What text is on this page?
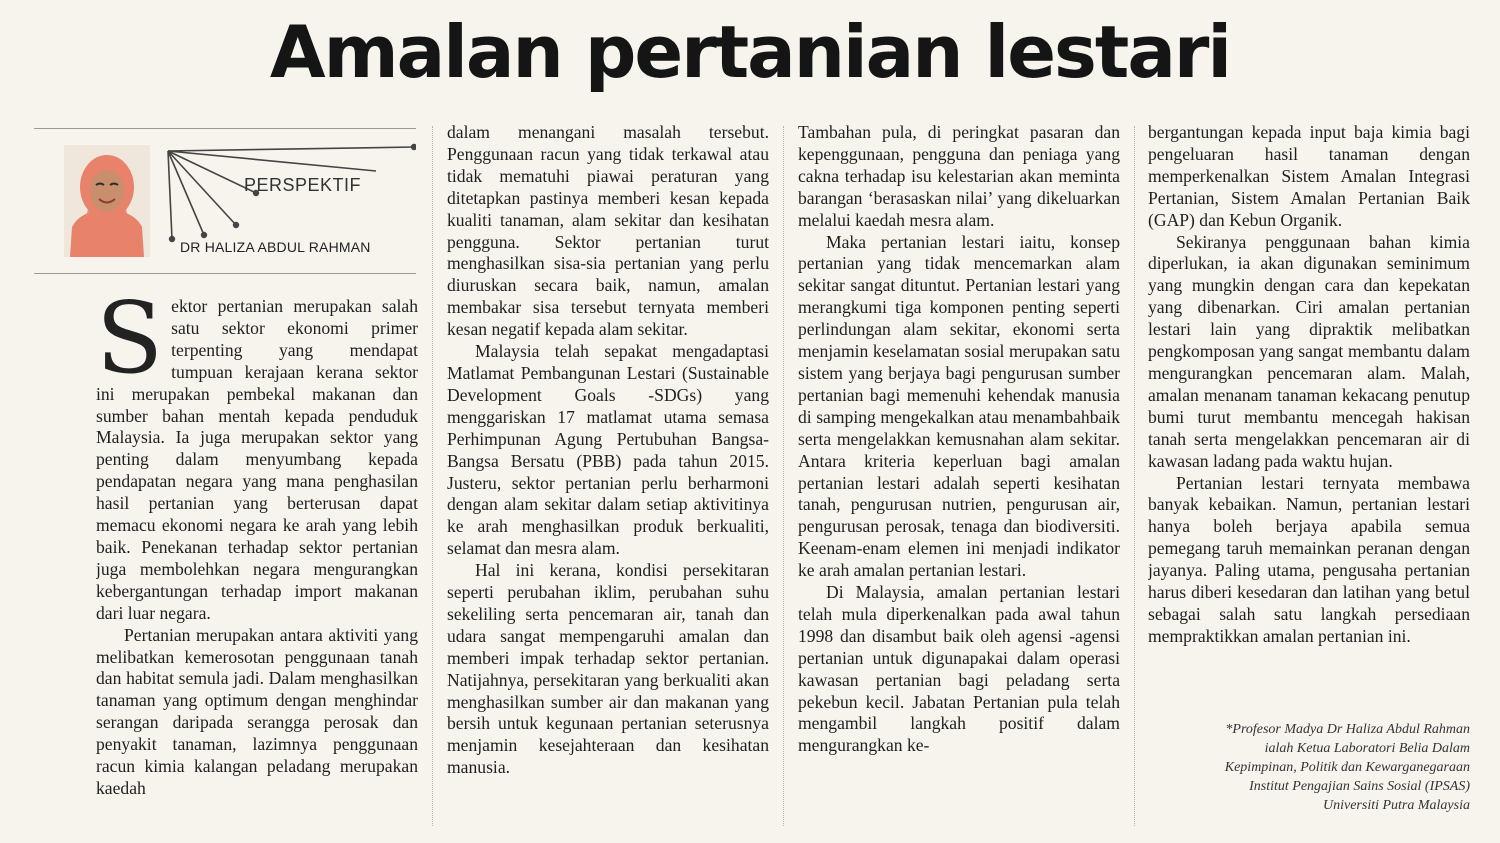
Amalan pertanian lestari
PERSPEKTIF
DR HALIZA ABDUL RAHMAN

Sektor pertanian merupakan salah satu sektor ekonomi primer terpenting yang mendapat tumpuan kerajaan kerana sektor ini merupakan pembekal makanan dan sumber bahan mentah kepada penduduk Malaysia. Ia juga merupakan sektor yang penting dalam menyumbang kepada pendapatan negara yang mana penghasilan hasil pertanian yang berterusan dapat memacu ekonomi negara ke arah yang lebih baik. Penekanan terhadap sektor pertanian juga membolehkan negara mengurangkan kebergantungan terhadap import makanan dari luar negara.

Pertanian merupakan antara aktiviti yang melibatkan kemerosotan penggunaan tanah dan habitat semula jadi. Dalam menghasilkan tanaman yang optimum dengan menghindar serangan daripada serangga perosak dan penyakit tanaman, lazimnya penggunaan racun kimia kalangan peladang merupakan kaedah

dalam menangani masalah tersebut. Penggunaan racun yang tidak terkawal atau tidak mematuhi piawai peraturan yang ditetapkan pastinya memberi kesan kepada kualiti tanaman, alam sekitar dan kesihatan pengguna. Sektor pertanian turut menghasilkan sisa-sia pertanian yang perlu diuruskan secara baik, namun, amalan membakar sisa tersebut ternyata memberi kesan negatif kepada alam sekitar.

Malaysia telah sepakat mengadaptasi Matlamat Pembangunan Lestari (Sustainable Development Goals -SDGs) yang menggariskan 17 matlamat utama semasa Perhimpunan Agung Pertubuhan Bangsa-Bangsa Bersatu (PBB) pada tahun 2015. Justeru, sektor pertanian perlu berharmoni dengan alam sekitar dalam setiap aktivitinya ke arah menghasilkan produk berkualiti, selamat dan mesra alam.

Hal ini kerana, kondisi persekitaran seperti perubahan iklim, perubahan suhu sekeliling serta pencemaran air, tanah dan udara sangat mempengaruhi amalan dan memberi impak terhadap sektor pertanian. Natijahnya, persekitaran yang berkualiti akan menghasilkan sumber air dan makanan yang bersih untuk kegunaan pertanian seterusnya menjamin kesejahteraan dan kesihatan manusia.

Tambahan pula, di peringkat pasaran dan kepenggunaan, pengguna dan peniaga yang cakna terhadap isu kelestarian akan meminta barangan ‘berasaskan nilai’ yang dikeluarkan melalui kaedah mesra alam.

Maka pertanian lestari iaitu, konsep pertanian yang tidak mencemarkan alam sekitar sangat dituntut. Pertanian lestari yang merangkumi tiga komponen penting seperti perlindungan alam sekitar, ekonomi serta menjamin keselamatan sosial merupakan satu sistem yang berjaya bagi pengurusan sumber pertanian bagi memenuhi kehendak manusia di samping mengekalkan atau menambahbaik serta mengelakkan kemusnahan alam sekitar. Antara kriteria keperluan bagi amalan pertanian lestari adalah seperti kesihatan tanah, pengurusan nutrien, pengurusan air, pengurusan perosak, tenaga dan biodiversiti. Keenam-enam elemen ini menjadi indikator ke arah amalan pertanian lestari.

Di Malaysia, amalan pertanian lestari telah mula diperkenalkan pada awal tahun 1998 dan disambut baik oleh agensi -agensi pertanian untuk digunapakai dalam operasi kawasan pertanian bagi peladang serta pekebun kecil. Jabatan Pertanian pula telah mengambil langkah positif dalam mengurangkan ke-

bergantungan kepada input baja kimia bagi pengeluaran hasil tanaman dengan memperkenalkan Sistem Amalan Integrasi Pertanian, Sistem Amalan Pertanian Baik (GAP) dan Kebun Organik.

Sekiranya penggunaan bahan kimia diperlukan, ia akan digunakan seminimum yang mungkin dengan cara dan kepekatan yang dibenarkan. Ciri amalan pertanian lestari lain yang dipraktik melibatkan pengkomposan yang sangat membantu dalam mengurangkan pencemaran alam. Malah, amalan menanam tanaman kekacang penutup bumi turut membantu mencegah hakisan tanah serta mengelakkan pencemaran air di kawasan ladang pada waktu hujan.

Pertanian lestari ternyata membawa banyak kebaikan. Namun, pertanian lestari hanya boleh berjaya apabila semua pemegang taruh memainkan peranan dengan jayanya. Paling utama, pengusaha pertanian harus diberi kesedaran dan latihan yang betul sebagai salah satu langkah persediaan mempraktikkan amalan pertanian ini.

*Profesor Madya Dr Haliza Abdul Rahman
ialah Ketua Laboratori Belia Dalam
Kepimpinan, Politik dan Kewarganegaraan
Institut Pengajian Sains Sosial (IPSAS)
Universiti Putra Malaysia
